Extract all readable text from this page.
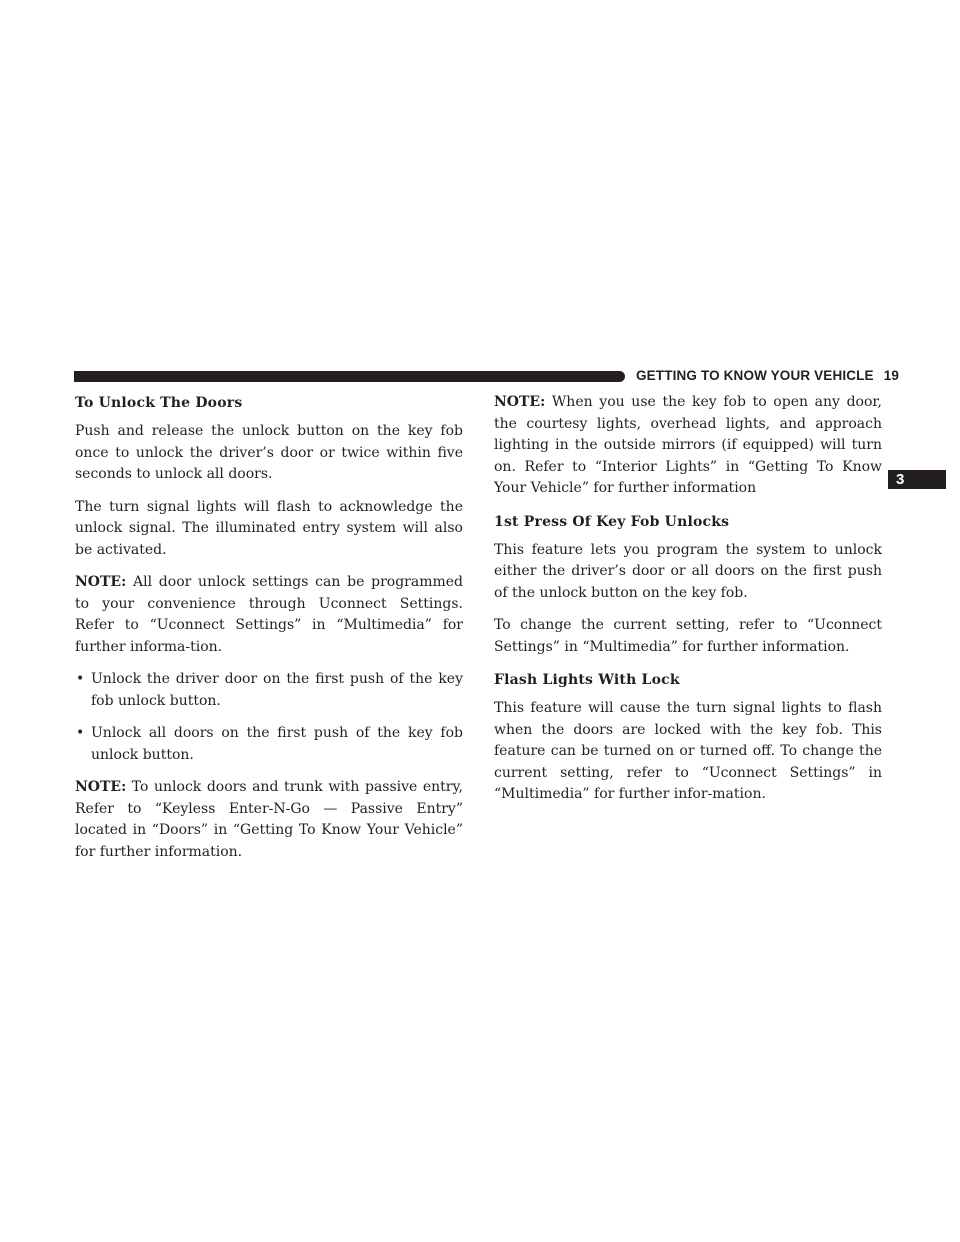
GETTING TO KNOW YOUR VEHICLE 19
3
To Unlock The Doors

Push and release the unlock button on the key fob once to unlock the driver’s door or twice within five seconds to unlock all doors.

The turn signal lights will flash to acknowledge the unlock signal. The illuminated entry system will also be activated.

NOTE: All door unlock settings can be programmed to your convenience through Uconnect Settings. Refer to “Uconnect Settings” in “Multimedia” for further informa-tion.

• Unlock the driver door on the first push of the key fob unlock button.
• Unlock all doors on the first push of the key fob unlock button.

NOTE: To unlock doors and trunk with passive entry, Refer to “Keyless Enter-N-Go — Passive Entry” located in “Doors” in “Getting To Know Your Vehicle” for further information.

NOTE: When you use the key fob to open any door, the courtesy lights, overhead lights, and approach lighting in the outside mirrors (if equipped) will turn on. Refer to “Interior Lights” in “Getting To Know Your Vehicle” for further information

1st Press Of Key Fob Unlocks

This feature lets you program the system to unlock either the driver’s door or all doors on the first push of the unlock button on the key fob.

To change the current setting, refer to “Uconnect Settings” in “Multimedia” for further information.

Flash Lights With Lock

This feature will cause the turn signal lights to flash when the doors are locked with the key fob. This feature can be turned on or turned off. To change the current setting, refer to “Uconnect Settings” in “Multimedia” for further infor-mation.
